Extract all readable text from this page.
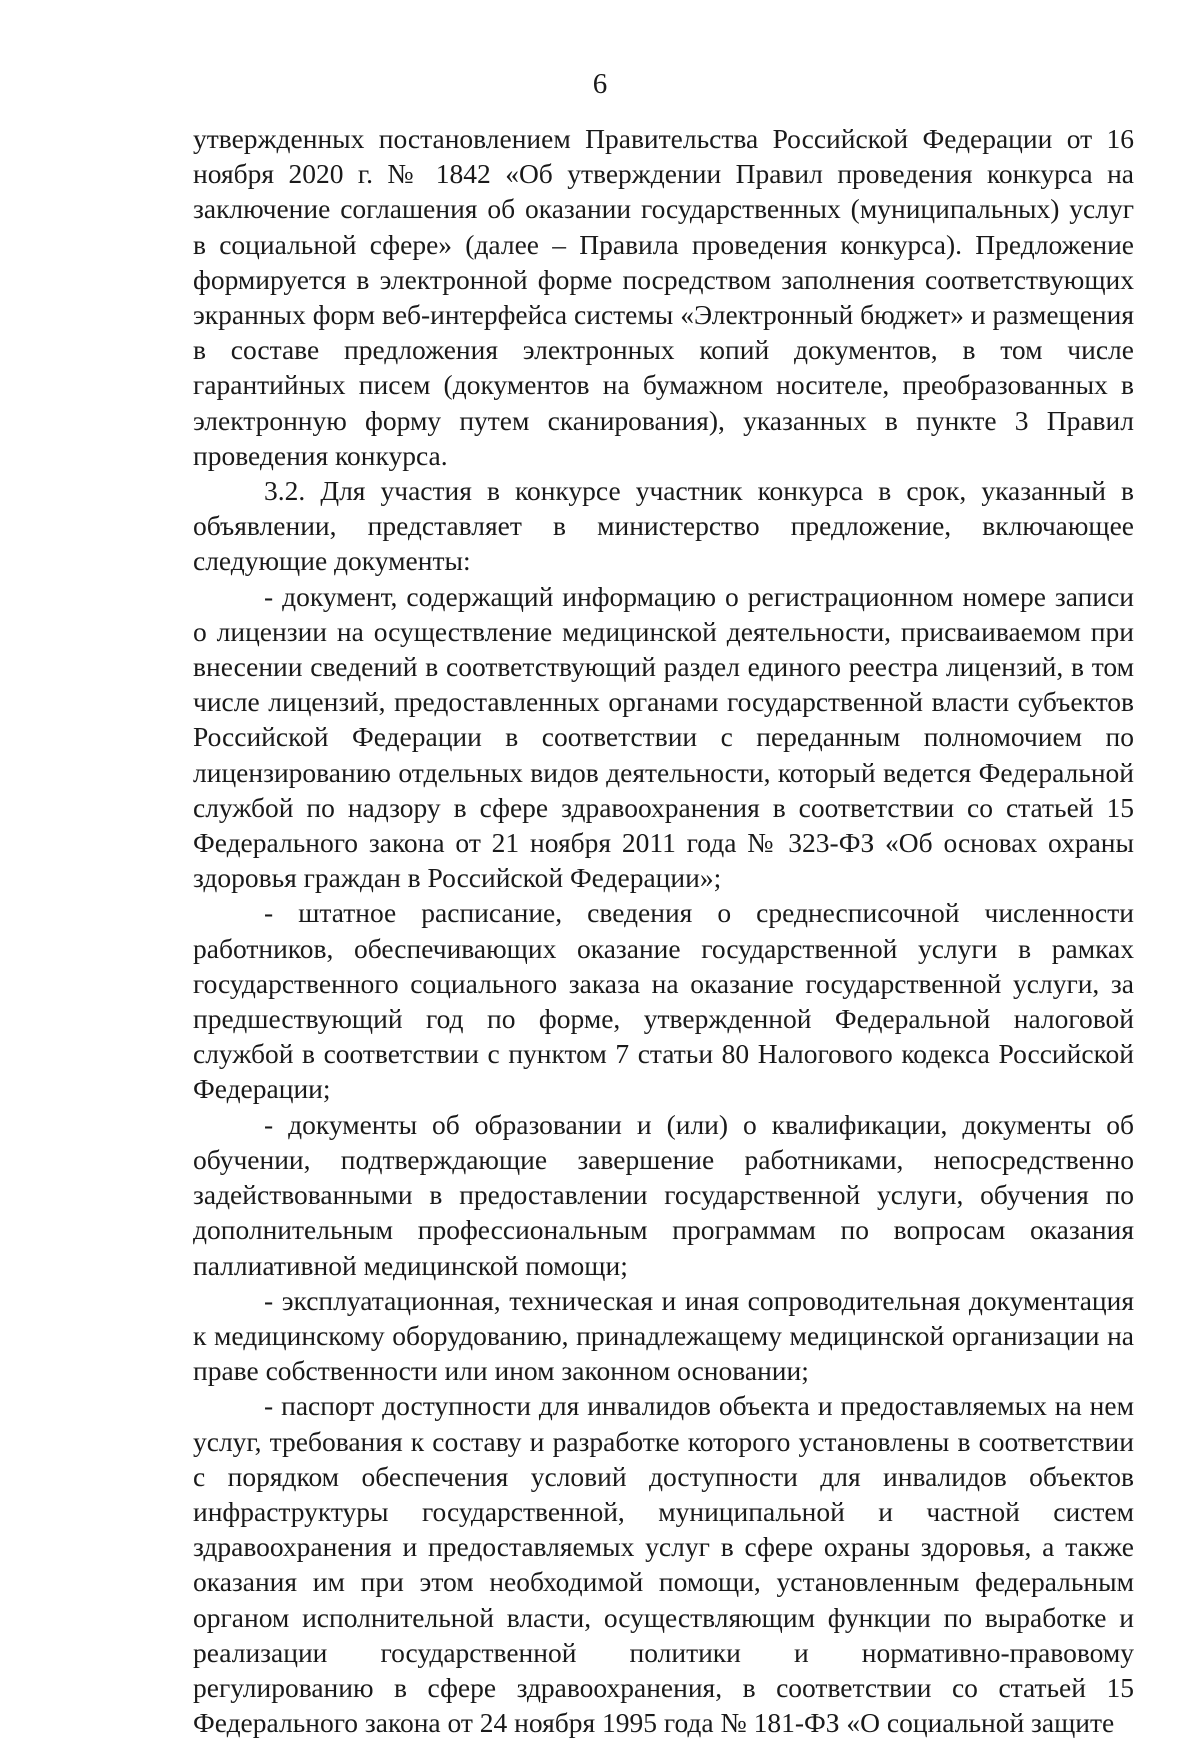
6

утвержденных постановлением Правительства Российской Федерации от 16 ноября 2020 г. № 1842 «Об утверждении Правил проведения конкурса на заключение соглашения об оказании государственных (муниципальных) услуг в социальной сфере» (далее – Правила проведения конкурса). Предложение формируется в электронной форме посредством заполнения соответствующих экранных форм веб-интерфейса системы «Электронный бюджет» и размещения в составе предложения электронных копий документов, в том числе гарантийных писем (документов на бумажном носителе, преобразованных в электронную форму путем сканирования), указанных в пункте 3 Правил проведения конкурса.

3.2. Для участия в конкурсе участник конкурса в срок, указанный в объявлении, представляет в министерство предложение, включающее следующие документы:

- документ, содержащий информацию о регистрационном номере записи о лицензии на осуществление медицинской деятельности, присваиваемом при внесении сведений в соответствующий раздел единого реестра лицензий, в том числе лицензий, предоставленных органами государственной власти субъектов Российской Федерации в соответствии с переданным полномочием по лицензированию отдельных видов деятельности, который ведется Федеральной службой по надзору в сфере здравоохранения в соответствии со статьей 15 Федерального закона от 21 ноября 2011 года № 323-ФЗ «Об основах охраны здоровья граждан в Российской Федерации»;

- штатное расписание, сведения о среднесписочной численности работников, обеспечивающих оказание государственной услуги в рамках государственного социального заказа на оказание государственной услуги, за предшествующий год по форме, утвержденной Федеральной налоговой службой в соответствии с пунктом 7 статьи 80 Налогового кодекса Российской Федерации;

- документы об образовании и (или) о квалификации, документы об обучении, подтверждающие завершение работниками, непосредственно задействованными в предоставлении государственной услуги, обучения по дополнительным профессиональным программам по вопросам оказания паллиативной медицинской помощи;

- эксплуатационная, техническая и иная сопроводительная документация к медицинскому оборудованию, принадлежащему медицинской организации на праве собственности или ином законном основании;

- паспорт доступности для инвалидов объекта и предоставляемых на нем услуг, требования к составу и разработке которого установлены в соответствии с порядком обеспечения условий доступности для инвалидов объектов инфраструктуры государственной, муниципальной и частной систем здравоохранения и предоставляемых услуг в сфере охраны здоровья, а также оказания им при этом необходимой помощи, установленным федеральным органом исполнительной власти, осуществляющим функции по выработке и реализации государственной политики и нормативно-правовому регулированию в сфере здравоохранения, в соответствии со статьей 15 Федерального закона от 24 ноября 1995 года № 181-ФЗ «О социальной защите
